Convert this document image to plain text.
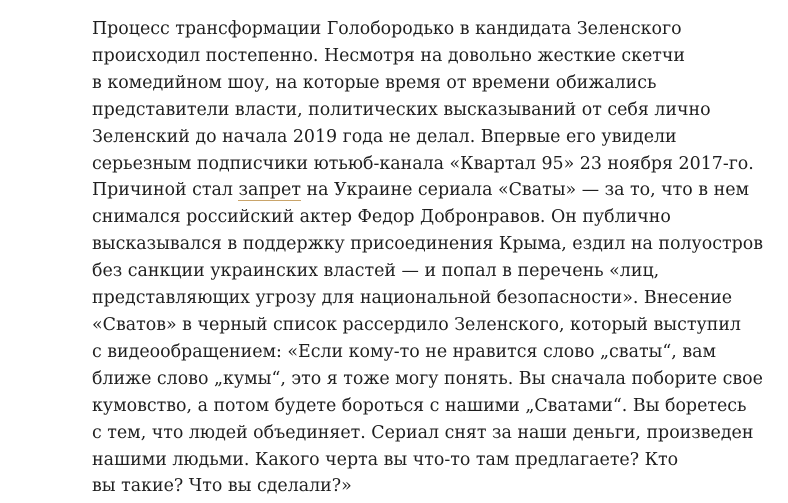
Процесс трансформации Голобородько в кандидата Зеленского
происходил постепенно. Несмотря на довольно жесткие скетчи
в комедийном шоу, на которые время от времени обижались
представители власти, политических высказываний от себя лично
Зеленский до начала 2019 года не делал. Впервые его увидели
серьезным подписчики ютьюб-канала «Квартал 95» 23 ноября 2017-го.
Причиной стал запрет на Украине сериала «Сваты» — за то, что в нем
снимался российский актер Федор Добронравов. Он публично
высказывался в поддержку присоединения Крыма, ездил на полуостров
без санкции украинских властей — и попал в перечень «лиц,
представляющих угрозу для национальной безопасности». Внесение
«Сватов» в черный список рассердило Зеленского, который выступил
с видеообращением: «Если кому-то не нравится слово „сваты“, вам
ближе слово „кумы“, это я тоже могу понять. Вы сначала поборите свое
кумовство, а потом будете бороться с нашими „Сватами“. Вы боретесь
с тем, что людей объединяет. Сериал снят за наши деньги, произведен
нашими людьми. Какого черта вы что-то там предлагаете? Кто
вы такие? Что вы сделали?»
